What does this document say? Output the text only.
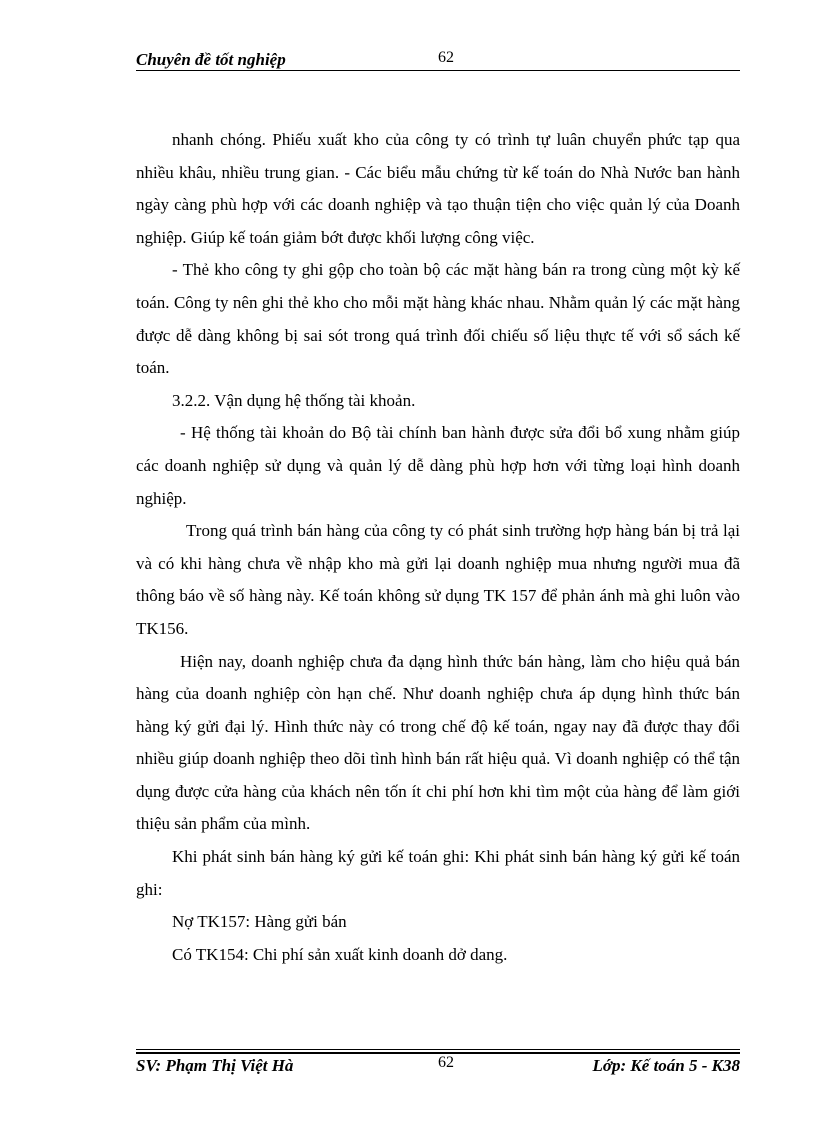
Chuyên đề tốt nghiệp	62

nhanh chóng. Phiếu xuất kho của công ty có trình tự luân chuyển phức tạp qua nhiều khâu, nhiều trung gian. - Các biểu mẫu chứng từ kế toán do Nhà Nước ban hành ngày càng phù hợp với các doanh nghiệp và tạo thuận tiện cho việc quản lý của Doanh nghiệp. Giúp kế toán giảm bớt được khối lượng công việc.

- Thẻ kho công ty ghi gộp cho toàn bộ các mặt hàng bán ra trong cùng một kỳ kế toán. Công ty nên ghi thẻ kho cho mỗi mặt hàng khác nhau. Nhằm quản lý các mặt hàng được dễ dàng không bị sai sót trong quá trình đối chiếu số liệu thực tế với sổ sách kế toán.

3.2.2. Vận dụng hệ thống tài khoản.

- Hệ thống tài khoản do Bộ tài chính ban hành được sửa đổi bổ xung nhằm giúp các doanh nghiệp sử dụng và quản lý dễ dàng phù hợp hơn với từng loại hình doanh nghiệp.

Trong quá trình bán hàng của công ty có phát sinh trường hợp hàng bán bị trả lại và có khi hàng chưa về nhập kho mà gửi lại doanh nghiệp mua nhưng người mua đã thông báo về số hàng này. Kế toán không sử dụng TK 157 để phản ánh mà ghi luôn vào TK156.

Hiện nay, doanh nghiệp chưa đa dạng hình thức bán hàng, làm cho hiệu quả bán hàng của doanh nghiệp còn hạn chế. Như doanh nghiệp chưa áp dụng hình thức bán hàng ký gửi đại lý. Hình thức này có trong chế độ kế toán, ngay nay đã được thay đổi nhiều giúp doanh nghiệp theo dõi tình hình bán rất hiệu quả. Vì doanh nghiệp có thể tận dụng được cửa hàng của khách nên tốn ít chi phí hơn khi tìm một của hàng để làm giới thiệu sản phẩm của mình.

Khi phát sinh bán hàng ký gửi kế toán ghi: Khi phát sinh bán hàng ký gửi kế toán ghi:

Nợ TK157: Hàng gửi bán

Có TK154: Chi phí sản xuất kinh doanh dở dang.

SV: Phạm Thị Việt Hà	62	Lớp: Kế toán 5 - K38
